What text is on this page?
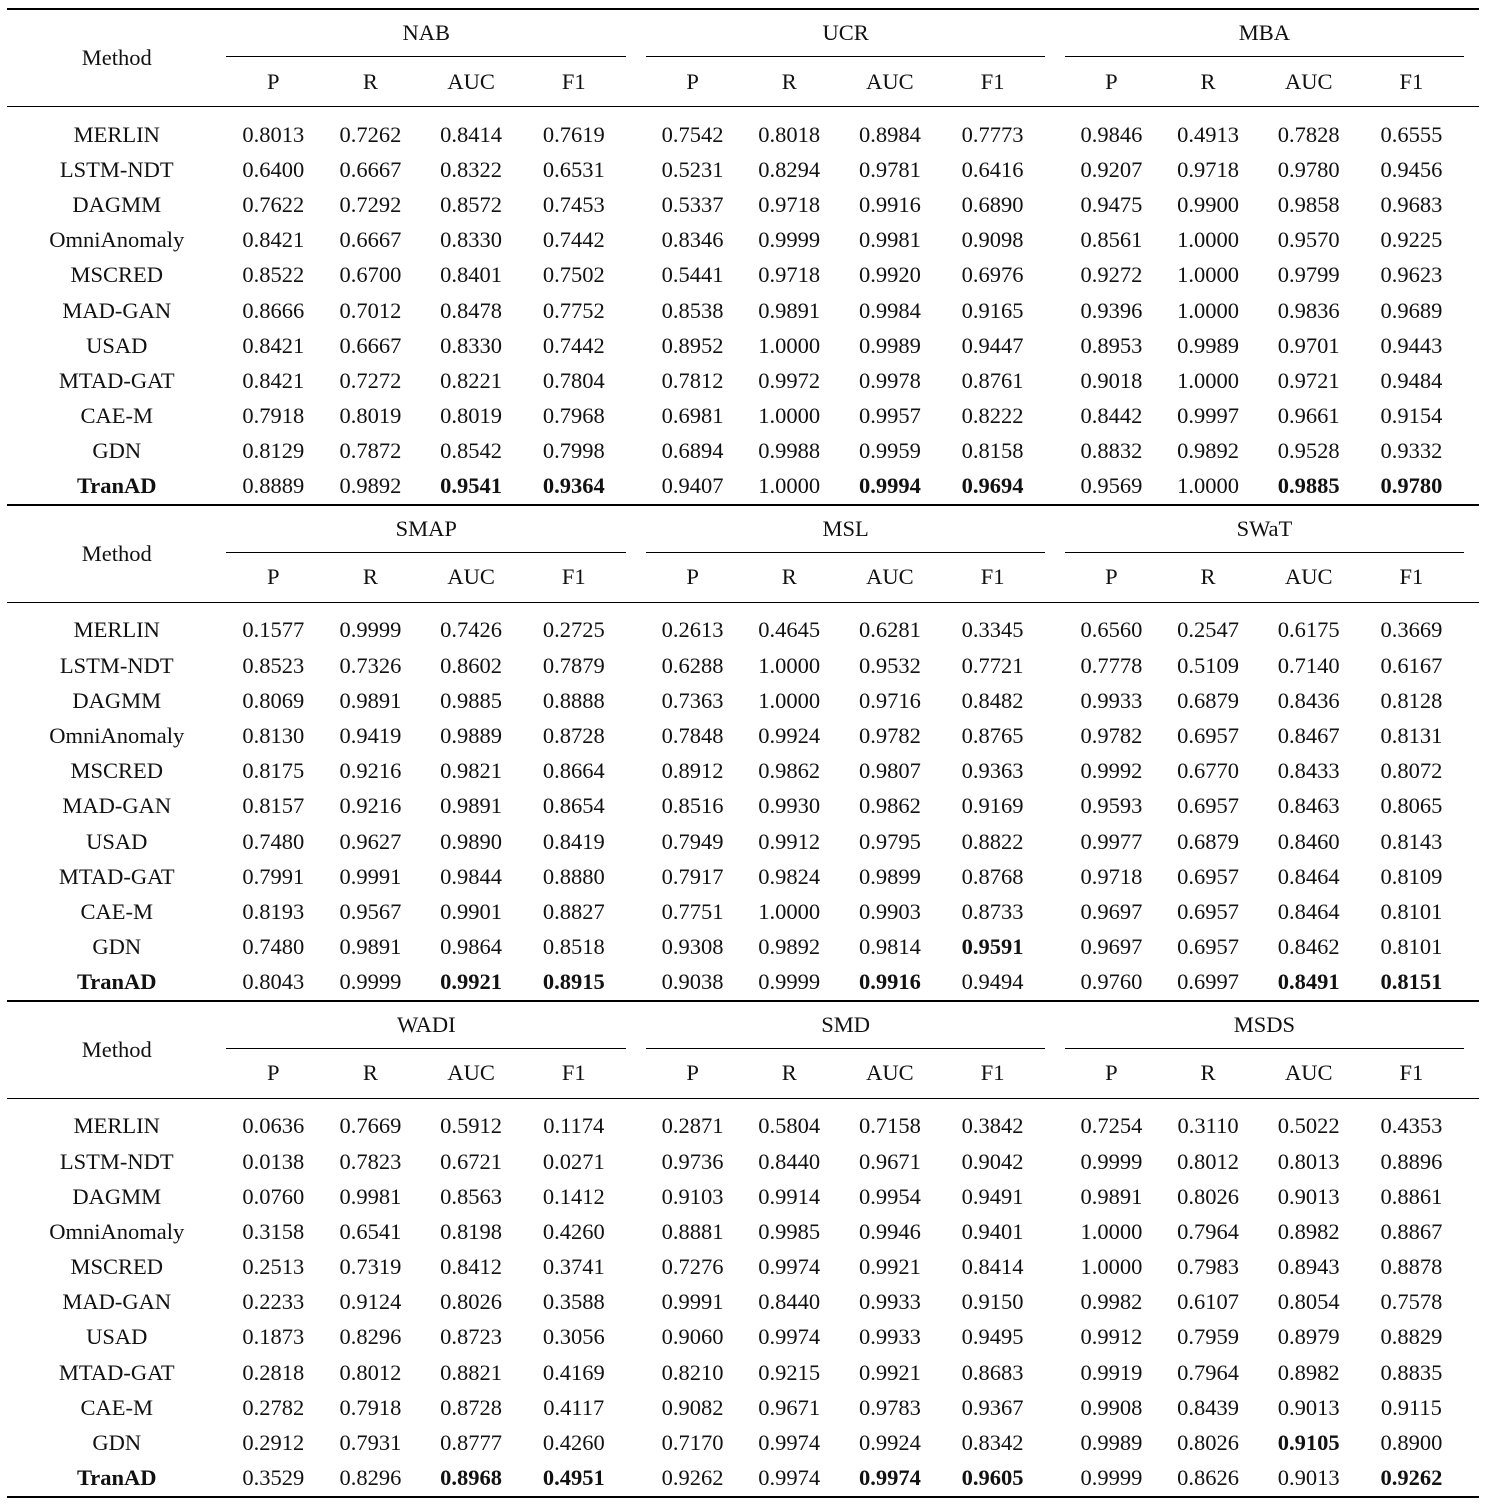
Method	NAB					UCR					MBA				
	P	R	AUC	F1		P	R	AUC	F1		P	R	AUC	F1	
MERLIN	0.8013	0.7262	0.8414	0.7619		0.7542	0.8018	0.8984	0.7773		0.9846	0.4913	0.7828	0.6555	
LSTM-NDT	0.6400	0.6667	0.8322	0.6531		0.5231	0.8294	0.9781	0.6416		0.9207	0.9718	0.9780	0.9456	
DAGMM	0.7622	0.7292	0.8572	0.7453		0.5337	0.9718	0.9916	0.6890		0.9475	0.9900	0.9858	0.9683	
OmniAnomaly	0.8421	0.6667	0.8330	0.7442		0.8346	0.9999	0.9981	0.9098		0.8561	1.0000	0.9570	0.9225	
MSCRED	0.8522	0.6700	0.8401	0.7502		0.5441	0.9718	0.9920	0.6976		0.9272	1.0000	0.9799	0.9623	
MAD-GAN	0.8666	0.7012	0.8478	0.7752		0.8538	0.9891	0.9984	0.9165		0.9396	1.0000	0.9836	0.9689	
USAD	0.8421	0.6667	0.8330	0.7442		0.8952	1.0000	0.9989	0.9447		0.8953	0.9989	0.9701	0.9443	
MTAD-GAT	0.8421	0.7272	0.8221	0.7804		0.7812	0.9972	0.9978	0.8761		0.9018	1.0000	0.9721	0.9484	
CAE-M	0.7918	0.8019	0.8019	0.7968		0.6981	1.0000	0.9957	0.8222		0.8442	0.9997	0.9661	0.9154	
GDN	0.8129	0.7872	0.8542	0.7998		0.6894	0.9988	0.9959	0.8158		0.8832	0.9892	0.9528	0.9332	
TranAD	0.8889	0.9892	0.9541	0.9364		0.9407	1.0000	0.9994	0.9694		0.9569	1.0000	0.9885	0.9780	
Method	SMAP					MSL					SWaT				
	P	R	AUC	F1		P	R	AUC	F1		P	R	AUC	F1	
MERLIN	0.1577	0.9999	0.7426	0.2725		0.2613	0.4645	0.6281	0.3345		0.6560	0.2547	0.6175	0.3669	
LSTM-NDT	0.8523	0.7326	0.8602	0.7879		0.6288	1.0000	0.9532	0.7721		0.7778	0.5109	0.7140	0.6167	
DAGMM	0.8069	0.9891	0.9885	0.8888		0.7363	1.0000	0.9716	0.8482		0.9933	0.6879	0.8436	0.8128	
OmniAnomaly	0.8130	0.9419	0.9889	0.8728		0.7848	0.9924	0.9782	0.8765		0.9782	0.6957	0.8467	0.8131	
MSCRED	0.8175	0.9216	0.9821	0.8664		0.8912	0.9862	0.9807	0.9363		0.9992	0.6770	0.8433	0.8072	
MAD-GAN	0.8157	0.9216	0.9891	0.8654		0.8516	0.9930	0.9862	0.9169		0.9593	0.6957	0.8463	0.8065	
USAD	0.7480	0.9627	0.9890	0.8419		0.7949	0.9912	0.9795	0.8822		0.9977	0.6879	0.8460	0.8143	
MTAD-GAT	0.7991	0.9991	0.9844	0.8880		0.7917	0.9824	0.9899	0.8768		0.9718	0.6957	0.8464	0.8109	
CAE-M	0.8193	0.9567	0.9901	0.8827		0.7751	1.0000	0.9903	0.8733		0.9697	0.6957	0.8464	0.8101	
GDN	0.7480	0.9891	0.9864	0.8518		0.9308	0.9892	0.9814	0.9591		0.9697	0.6957	0.8462	0.8101	
TranAD	0.8043	0.9999	0.9921	0.8915		0.9038	0.9999	0.9916	0.9494		0.9760	0.6997	0.8491	0.8151	
Method	WADI					SMD					MSDS				
	P	R	AUC	F1		P	R	AUC	F1		P	R	AUC	F1	
MERLIN	0.0636	0.7669	0.5912	0.1174		0.2871	0.5804	0.7158	0.3842		0.7254	0.3110	0.5022	0.4353	
LSTM-NDT	0.0138	0.7823	0.6721	0.0271		0.9736	0.8440	0.9671	0.9042		0.9999	0.8012	0.8013	0.8896	
DAGMM	0.0760	0.9981	0.8563	0.1412		0.9103	0.9914	0.9954	0.9491		0.9891	0.8026	0.9013	0.8861	
OmniAnomaly	0.3158	0.6541	0.8198	0.4260		0.8881	0.9985	0.9946	0.9401		1.0000	0.7964	0.8982	0.8867	
MSCRED	0.2513	0.7319	0.8412	0.3741		0.7276	0.9974	0.9921	0.8414		1.0000	0.7983	0.8943	0.8878	
MAD-GAN	0.2233	0.9124	0.8026	0.3588		0.9991	0.8440	0.9933	0.9150		0.9982	0.6107	0.8054	0.7578	
USAD	0.1873	0.8296	0.8723	0.3056		0.9060	0.9974	0.9933	0.9495		0.9912	0.7959	0.8979	0.8829	
MTAD-GAT	0.2818	0.8012	0.8821	0.4169		0.8210	0.9215	0.9921	0.8683		0.9919	0.7964	0.8982	0.8835	
CAE-M	0.2782	0.7918	0.8728	0.4117		0.9082	0.9671	0.9783	0.9367		0.9908	0.8439	0.9013	0.9115	
GDN	0.2912	0.7931	0.8777	0.4260		0.7170	0.9974	0.9924	0.8342		0.9989	0.8026	0.9105	0.8900	
TranAD	0.3529	0.8296	0.8968	0.4951		0.9262	0.9974	0.9974	0.9605		0.9999	0.8626	0.9013	0.9262	
